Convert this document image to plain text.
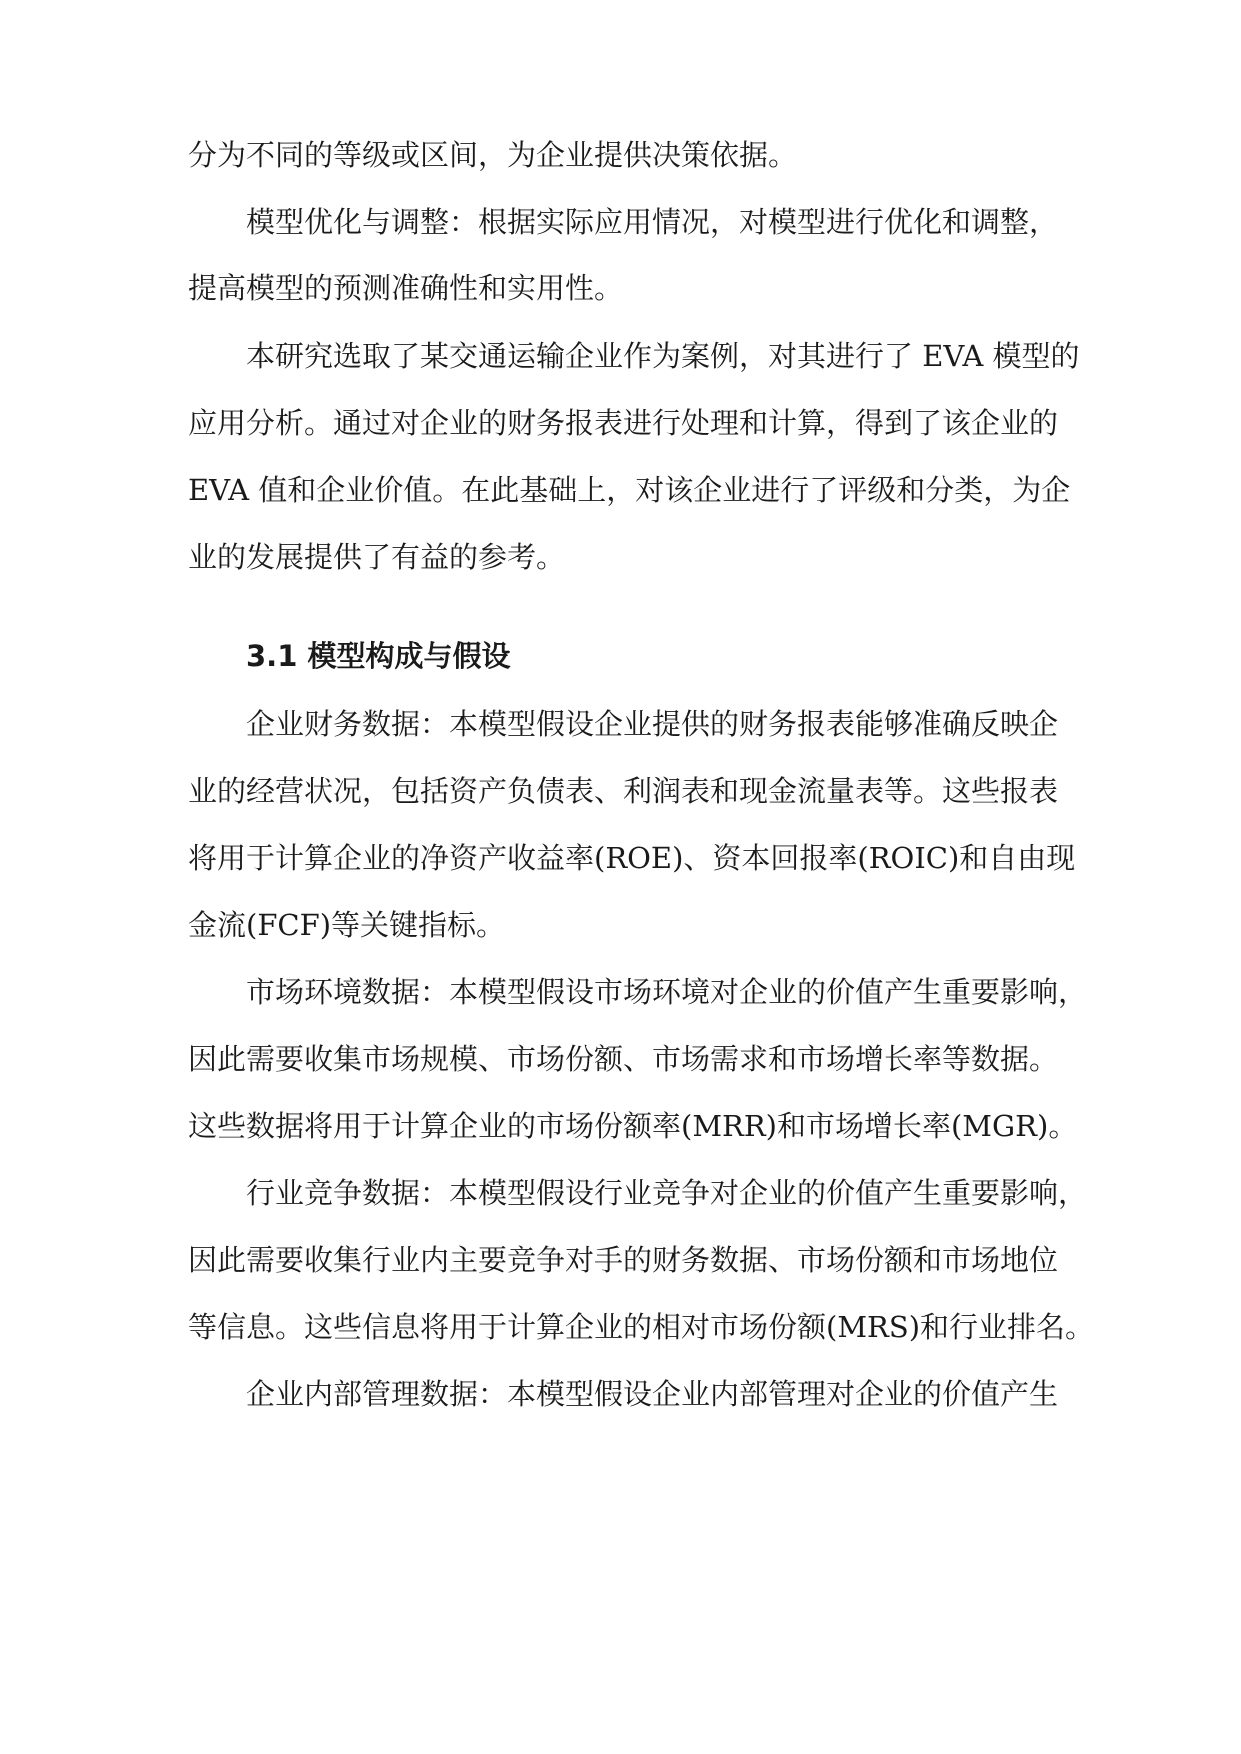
分为不同的等级或区间，为企业提供决策依据。
模型优化与调整：根据实际应用情况，对模型进行优化和调整，
提高模型的预测准确性和实用性。
本研究选取了某交通运输企业作为案例，对其进行了 EVA 模型的
应用分析。通过对企业的财务报表进行处理和计算，得到了该企业的
EVA 值和企业价值。在此基础上，对该企业进行了评级和分类，为企
业的发展提供了有益的参考。
3.1 模型构成与假设
企业财务数据：本模型假设企业提供的财务报表能够准确反映企
业的经营状况，包括资产负债表、利润表和现金流量表等。这些报表
将用于计算企业的净资产收益率(ROE)、资本回报率(ROIC)和自由现
金流(FCF)等关键指标。
市场环境数据：本模型假设市场环境对企业的价值产生重要影响，
因此需要收集市场规模、市场份额、市场需求和市场增长率等数据。
这些数据将用于计算企业的市场份额率(MRR)和市场增长率(MGR)。
行业竞争数据：本模型假设行业竞争对企业的价值产生重要影响，
因此需要收集行业内主要竞争对手的财务数据、市场份额和市场地位
等信息。这些信息将用于计算企业的相对市场份额(MRS)和行业排名。
企业内部管理数据：本模型假设企业内部管理对企业的价值产生
